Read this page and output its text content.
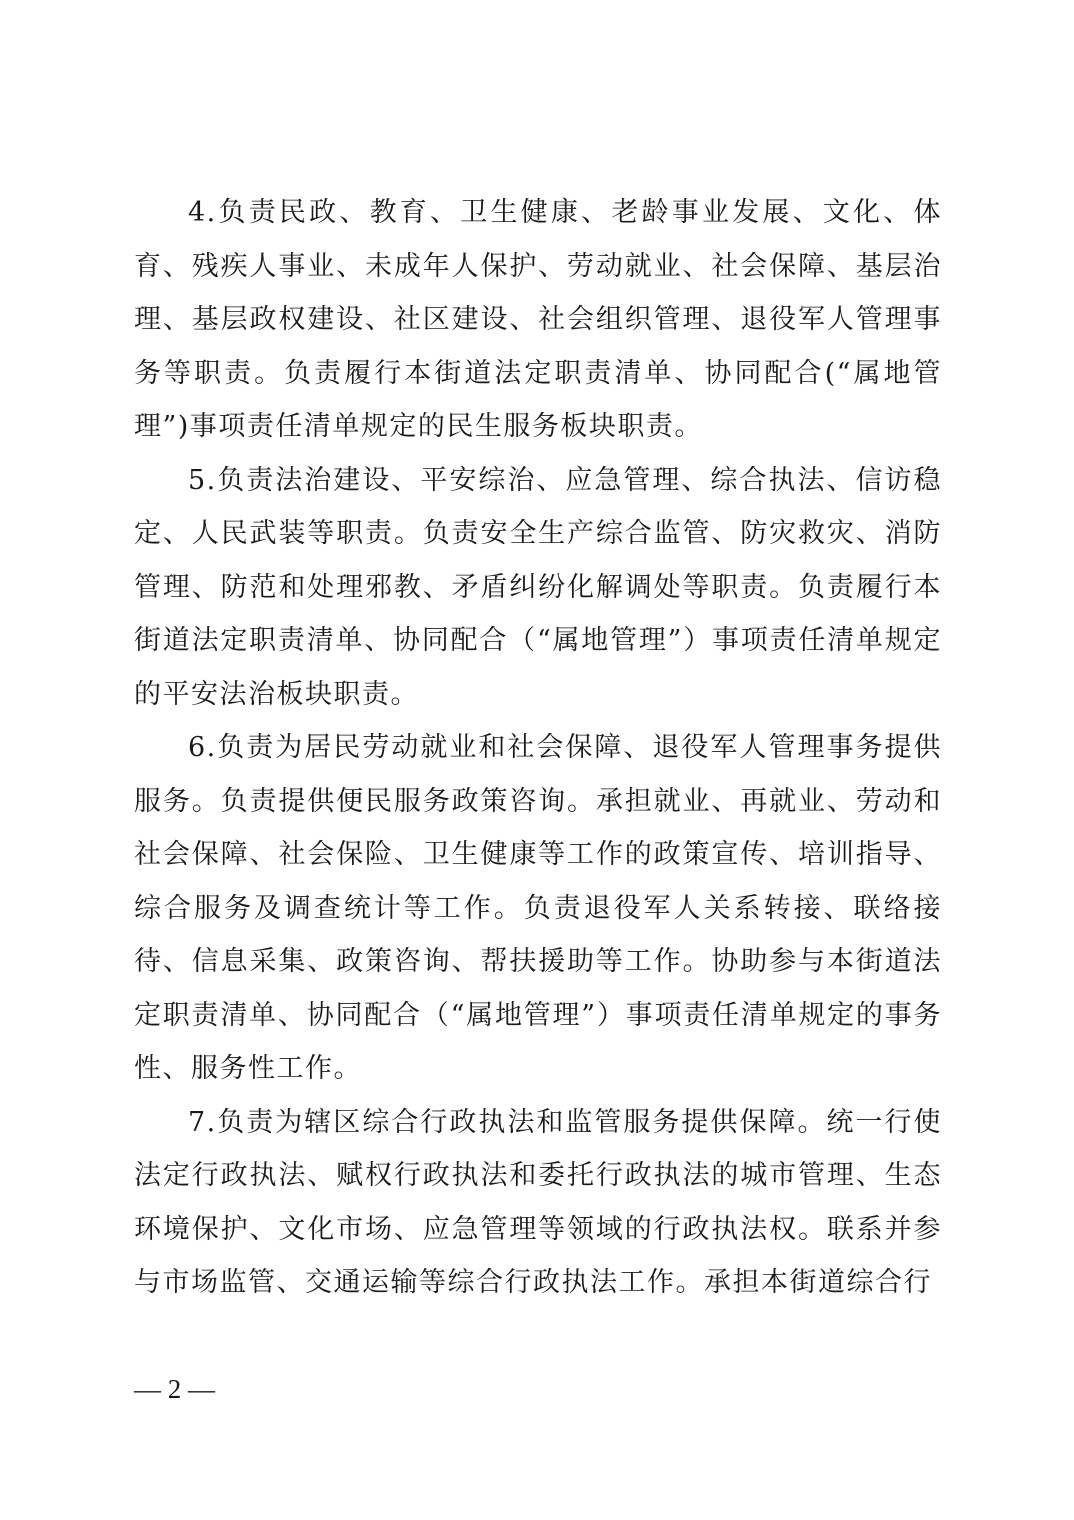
4.负责民政、教育、卫生健康、老龄事业发展、文化、体育、残疾人事业、未成年人保护、劳动就业、社会保障、基层治理、基层政权建设、社区建设、社会组织管理、退役军人管理事务等职责。负责履行本街道法定职责清单、协同配合(“属地管理”)事项责任清单规定的民生服务板块职责。

5.负责法治建设、平安综治、应急管理、综合执法、信访稳定、人民武装等职责。负责安全生产综合监管、防灾救灾、消防管理、防范和处理邪教、矛盾纠纷化解调处等职责。负责履行本街道法定职责清单、协同配合（“属地管理”）事项责任清单规定的平安法治板块职责。

6.负责为居民劳动就业和社会保障、退役军人管理事务提供服务。负责提供便民服务政策咨询。承担就业、再就业、劳动和社会保障、社会保险、卫生健康等工作的政策宣传、培训指导、综合服务及调查统计等工作。负责退役军人关系转接、联络接待、信息采集、政策咨询、帮扶援助等工作。协助参与本街道法定职责清单、协同配合（“属地管理”）事项责任清单规定的事务性、服务性工作。

7.负责为辖区综合行政执法和监管服务提供保障。统一行使法定行政执法、赋权行政执法和委托行政执法的城市管理、生态环境保护、文化市场、应急管理等领域的行政执法权。联系并参与市场监管、交通运输等综合行政执法工作。承担本街道综合行

— 2 —
